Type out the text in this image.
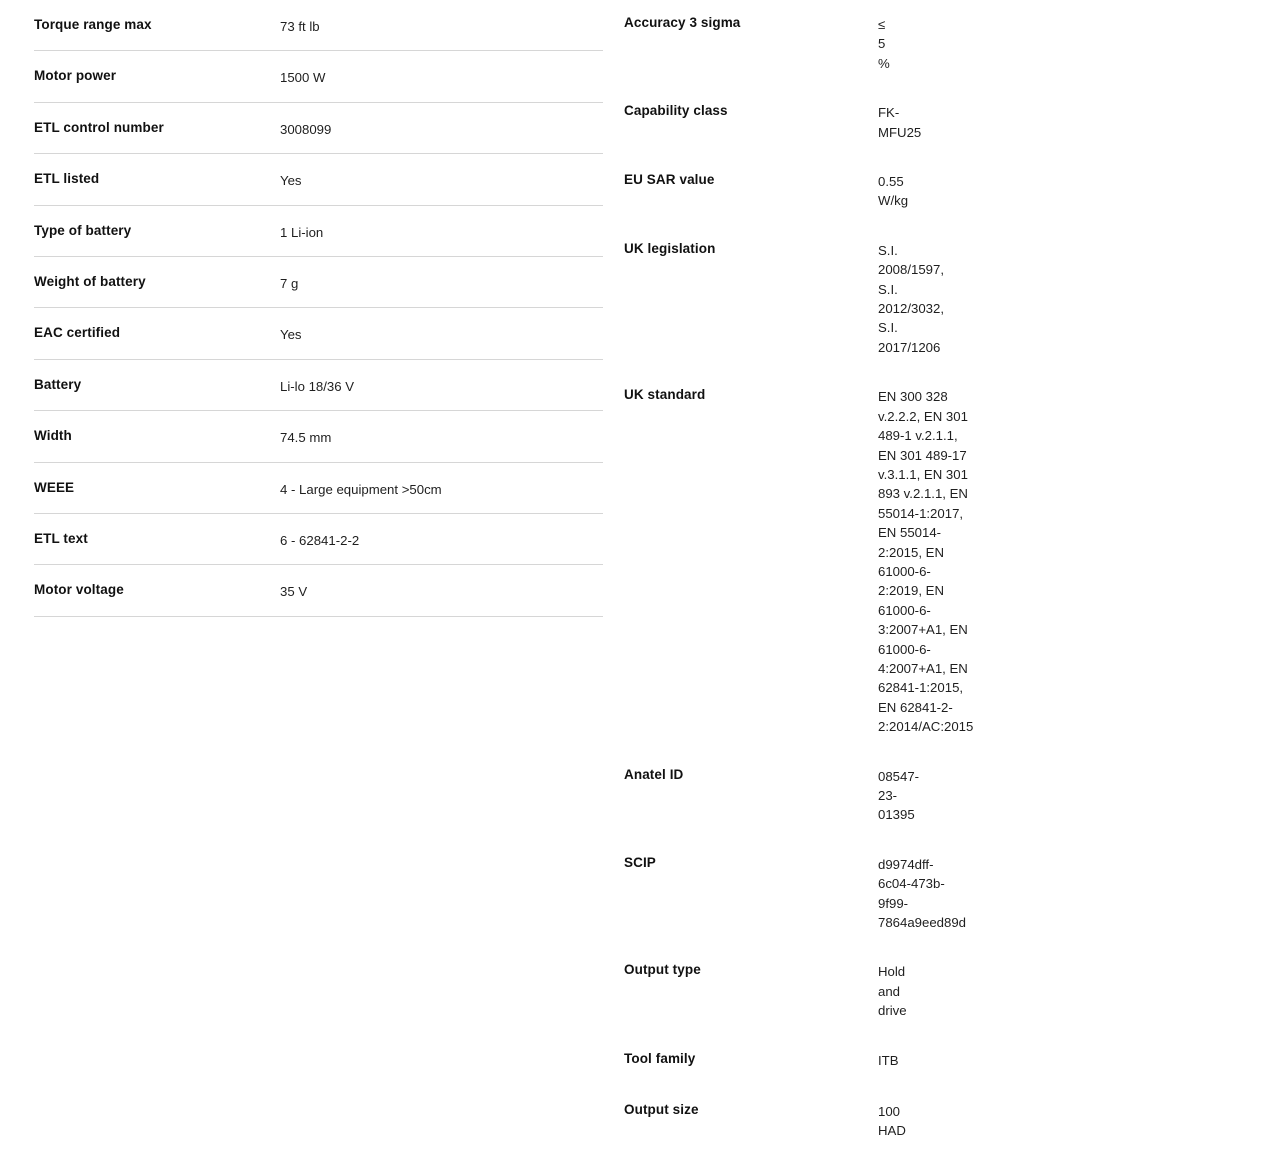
Torque range max	73 ft lb
Motor power	1500 W
ETL control number	3008099
ETL listed	Yes
Type of battery	1 Li-ion
Weight of battery	7 g
EAC certified	Yes
Battery	Li-lo 18/36 V
Width	74.5 mm
WEEE	4 - Large equipment >50cm
ETL text	6 - 62841-2-2
Motor voltage	35 V
Accuracy 3 sigma	≤ 5 %
Capability class	FK-MFU25
EU SAR value	0.55 W/kg
UK legislation	S.I. 2008/1597, S.I. 2012/3032, S.I. 2017/1206
UK standard	EN 300 328 v.2.2.2, EN 301 489-1 v.2.1.1, EN 301 489-17 v.3.1.1, EN 301 893 v.2.1.1, EN 55014-1:2017, EN 55014-2:2015, EN 61000-6-2:2019, EN 61000-6-3:2007+A1, EN 61000-6-4:2007+A1, EN 62841-1:2015, EN 62841-2-2:2014/AC:2015
Anatel ID	08547-23-01395
SCIP	d9974dff-6c04-473b-9f99-7864a9eed89d
Output type	Hold and drive
Tool family	ITB
Output size	100 HAD
